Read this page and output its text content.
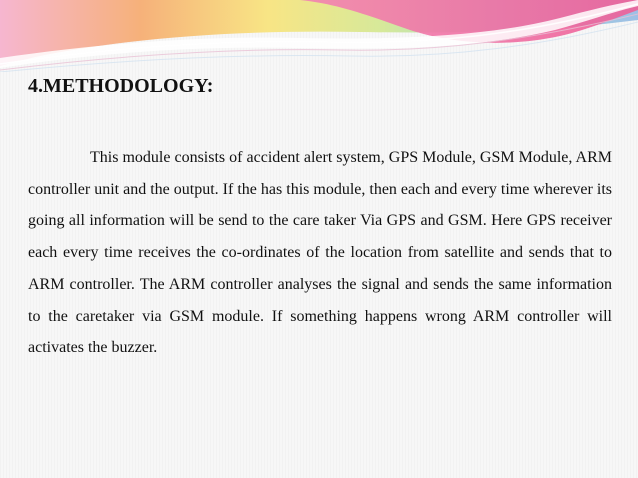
4.METHODOLOGY:

This module consists of accident alert system, GPS Module, GSM Module, ARM controller unit and the output. If the has this module, then each and every time wherever its going all information will be send to the care taker Via GPS and GSM. Here GPS receiver each every time receives the co-ordinates of the location from satellite and sends that to ARM controller. The ARM controller analyses the signal and sends the same information to the caretaker via GSM module. If something happens wrong ARM controller will activates the buzzer.
